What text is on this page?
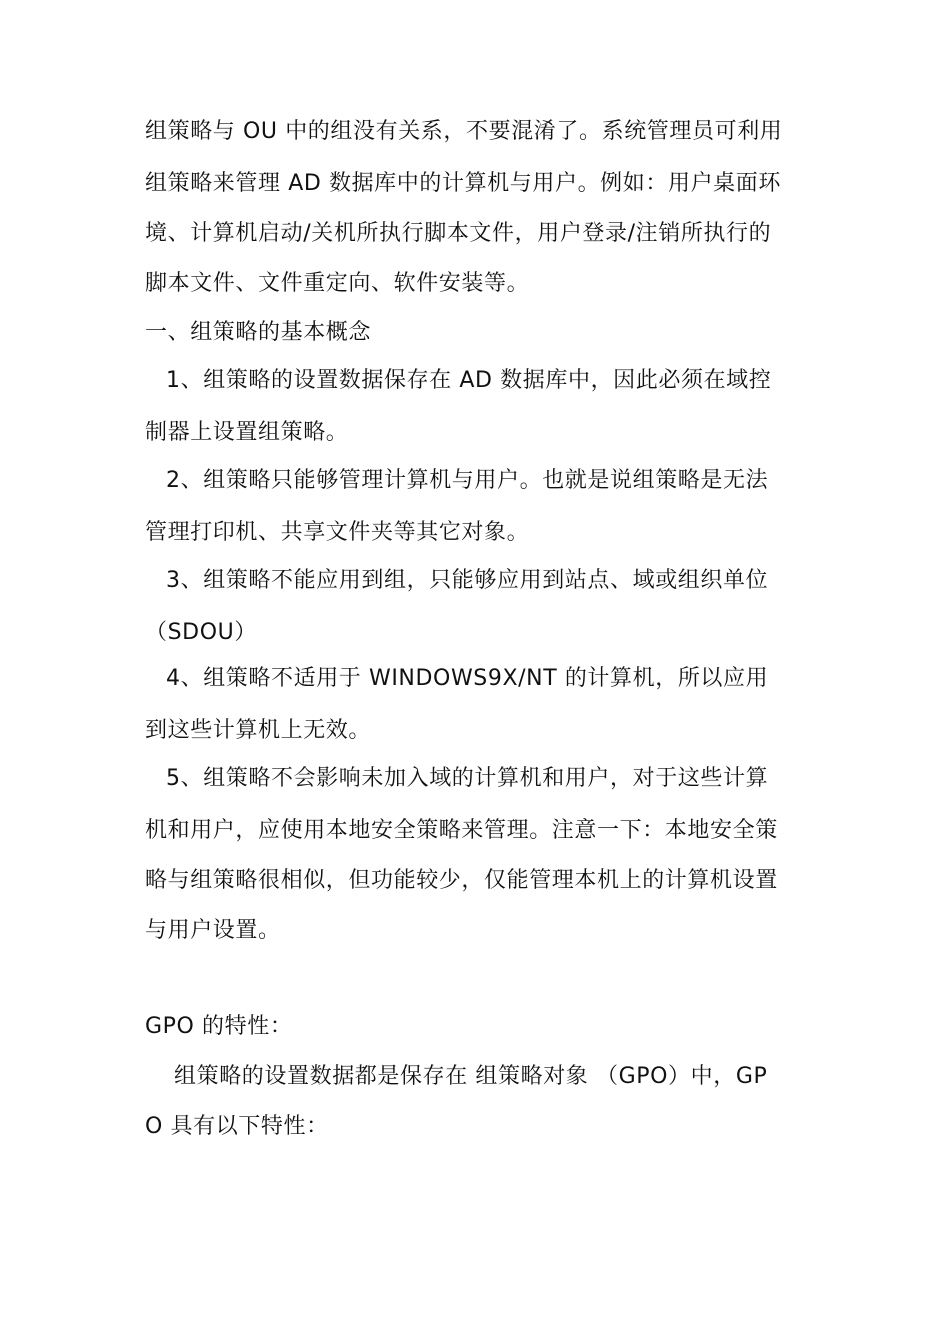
组策略与 OU 中的组没有关系，不要混淆了。系统管理员可利用
组策略来管理 AD 数据库中的计算机与用户。例如：用户桌面环
境、计算机启动/关机所执行脚本文件，用户登录/注销所执行的
脚本文件、文件重定向、软件安装等。
一、组策略的基本概念
1、组策略的设置数据保存在 AD 数据库中，因此必须在域控
制器上设置组策略。
2、组策略只能够管理计算机与用户。也就是说组策略是无法
管理打印机、共享文件夹等其它对象。
3、组策略不能应用到组，只能够应用到站点、域或组织单位
（SDOU）
4、组策略不适用于 WINDOWS9X/NT 的计算机，所以应用
到这些计算机上无效。
5、组策略不会影响未加入域的计算机和用户，对于这些计算
机和用户，应使用本地安全策略来管理。注意一下：本地安全策
略与组策略很相似，但功能较少，仅能管理本机上的计算机设置
与用户设置。
GPO 的特性：
组策略的设置数据都是保存在 组策略对象 （GPO）中，GP
O 具有以下特性：
